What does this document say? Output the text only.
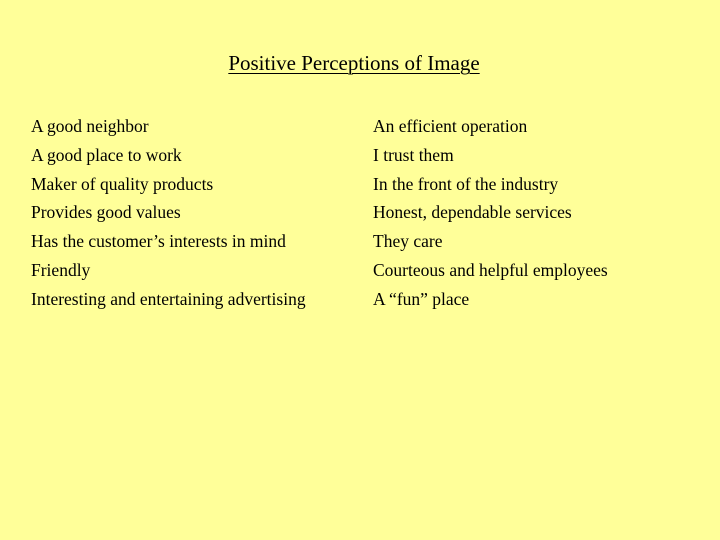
Positive Perceptions of Image
A good neighbor
A good place to work
Maker of quality products
Provides good values
Has the customer’s interests in mind
Friendly
Interesting and entertaining advertising
An efficient operation
I trust them
In the front of the industry
Honest, dependable services
They care
Courteous and helpful employees
A “fun” place
